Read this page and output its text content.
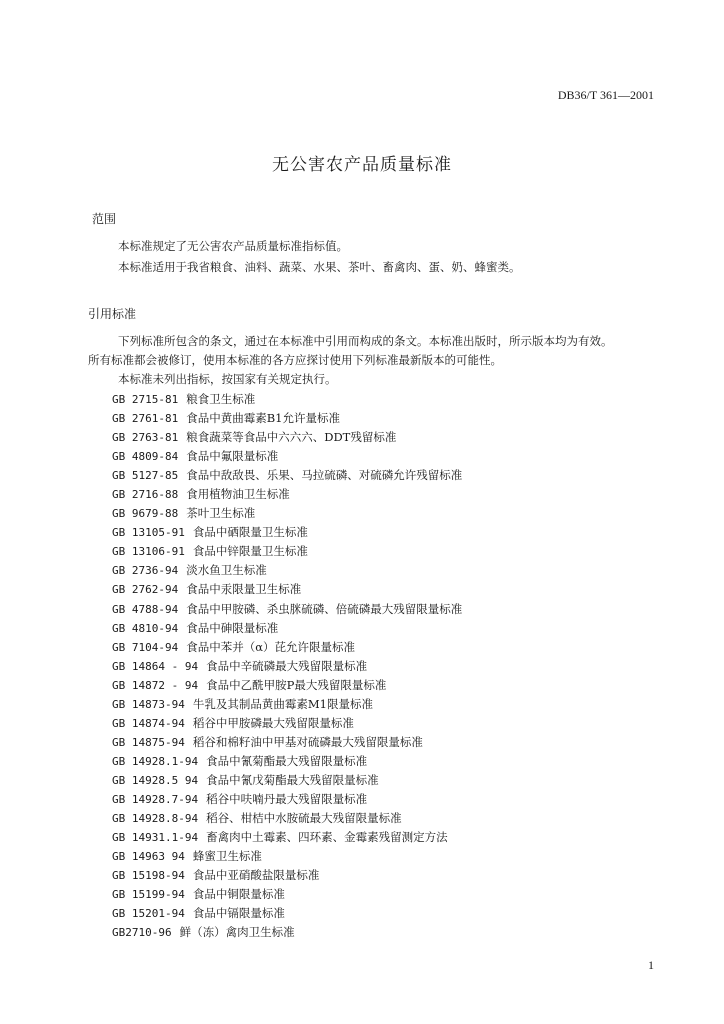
DB36/T 361—2001
无公害农产品质量标准
范围
本标准规定了无公害农产品质量标准指标值。
本标准适用于我省粮食、油料、蔬菜、水果、茶叶、畜禽肉、蛋、奶、蜂蜜类。
引用标准
下列标准所包含的条文，通过在本标准中引用而构成的条文。本标准出版时，所示版本均为有效。
所有标准都会被修订，使用本标准的各方应探讨使用下列标准最新版本的可能性。
本标准未列出指标，按国家有关规定执行。
GB 2715-81 粮食卫生标准
GB 2761-81 食品中黄曲霉素B1允许量标准
GB 2763-81 粮食蔬菜等食品中六六六、DDT残留标准
GB 4809-84 食品中氟限量标准
GB 5127-85 食品中敌敌畏、乐果、马拉硫磷、对硫磷允许残留标准
GB 2716-88 食用植物油卫生标准
GB 9679-88 茶叶卫生标准
GB 13105-91 食品中硒限量卫生标准
GB 13106-91 食品中锌限量卫生标准
GB 2736-94 淡水鱼卫生标准
GB 2762-94 食品中汞限量卫生标准
GB 4788-94 食品中甲胺磷、杀虫脒硫磷、倍硫磷最大残留限量标准
GB 4810-94 食品中砷限量标准
GB 7104-94 食品中苯并（α）芘允许限量标准
GB 14864 - 94 食品中辛硫磷最大残留限量标准
GB 14872 - 94 食品中乙酰甲胺P最大残留限量标准
GB 14873-94 牛乳及其制品黄曲霉素M1限量标准
GB 14874-94 稻谷中甲胺磷最大残留限量标准
GB 14875-94 稻谷和棉籽油中甲基对硫磷最大残留限量标准
GB 14928.1-94 食品中氰菊酯最大残留限量标准
GB 14928.5 94 食品中氰戊菊酯最大残留限量标准
GB 14928.7-94 稻谷中呋喃丹最大残留限量标准
GB 14928.8-94 稻谷、柑桔中水胺硫最大残留限量标准
GB 14931.1-94 畜禽肉中土霉素、四环素、金霉素残留测定方法
GB 14963 94 蜂蜜卫生标准
GB 15198-94 食品中亚硝酸盐限量标准
GB 15199-94 食品中铜限量标准
GB 15201-94 食品中镉限量标准
GB2710-96 鲜（冻）禽肉卫生标准
1
